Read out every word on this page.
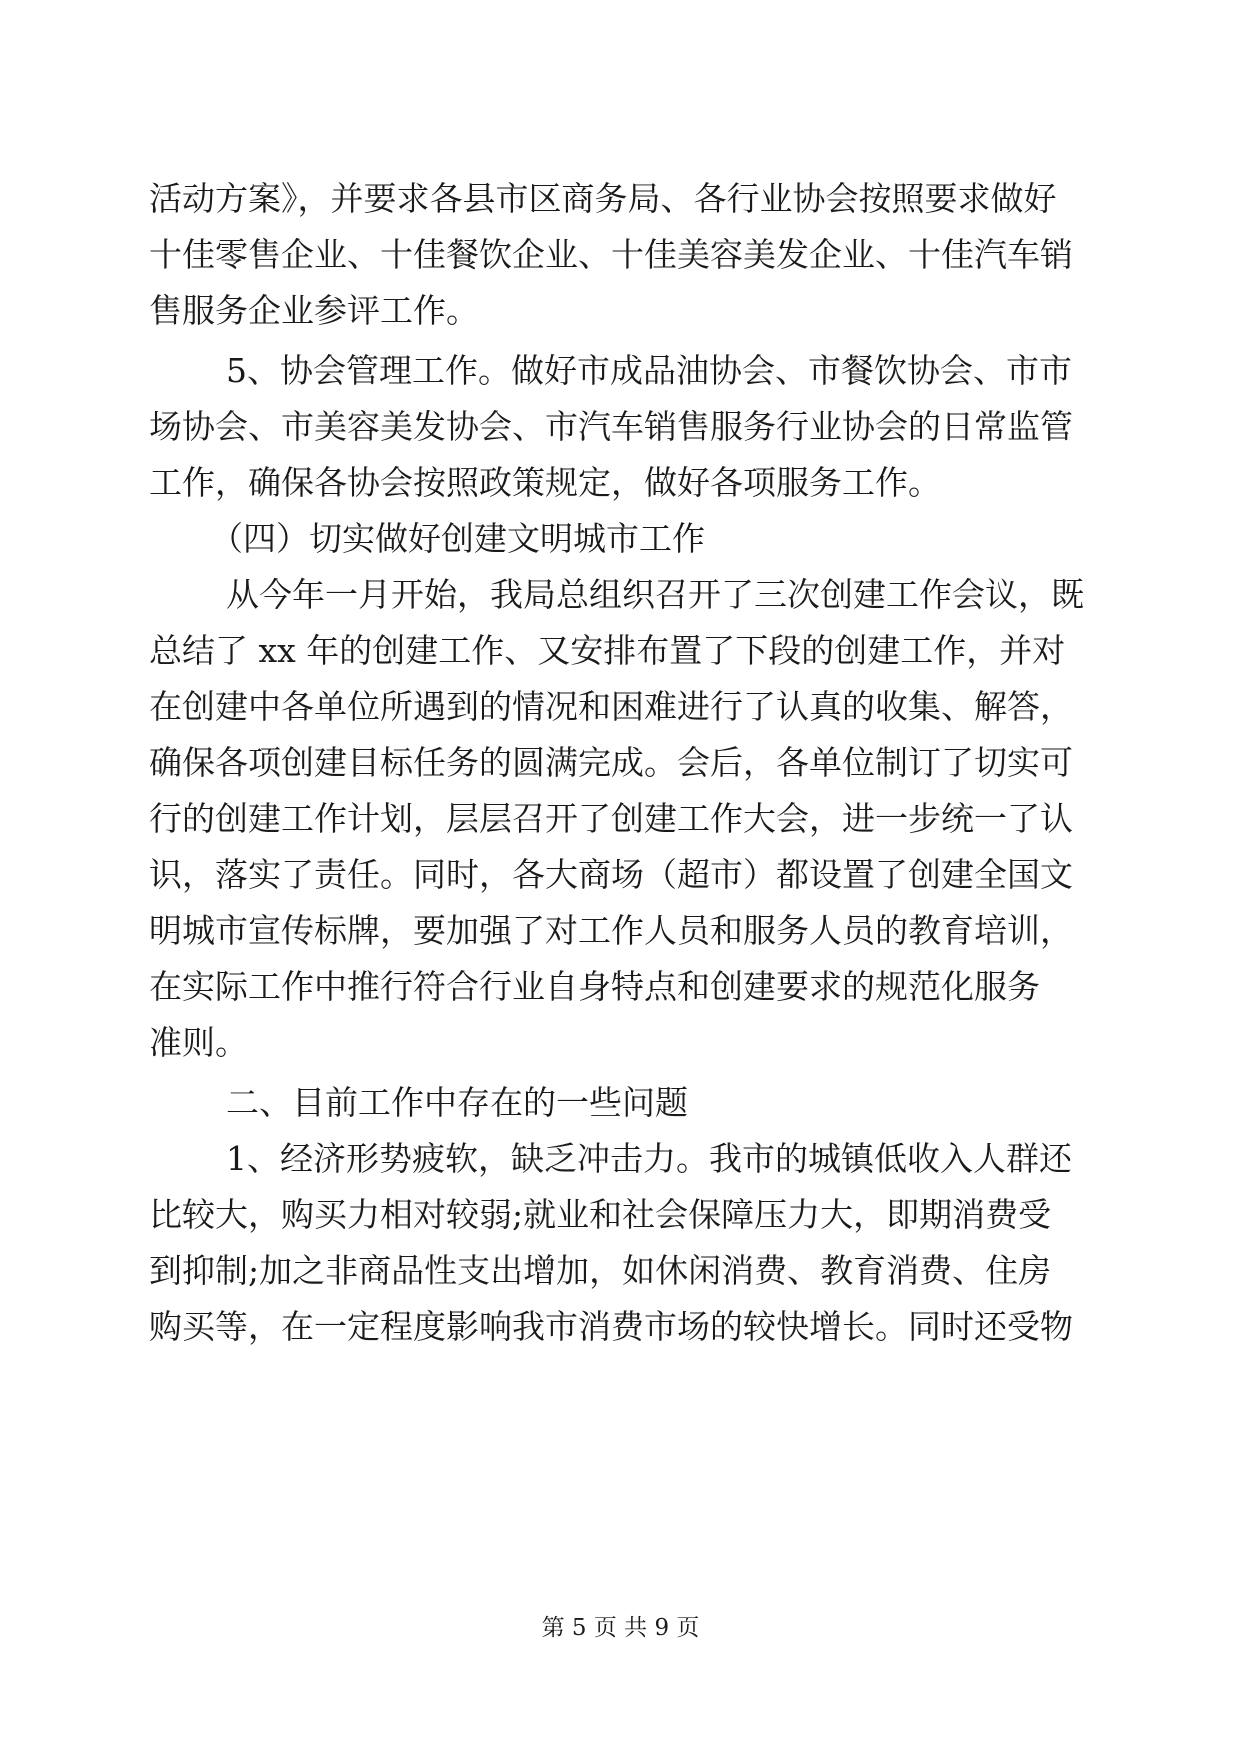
第 5 页 共 9 页
活动方案》，并要求各县市区商务局、各行业协会按照要求做好
十佳零售企业、十佳餐饮企业、十佳美容美发企业、十佳汽车销
售服务企业参评工作。
5、协会管理工作。做好市成品油协会、市餐饮协会、市市
场协会、市美容美发协会、市汽车销售服务行业协会的日常监管
工作，确保各协会按照政策规定，做好各项服务工作。
（四）切实做好创建文明城市工作
从今年一月开始，我局总组织召开了三次创建工作会议，既
总结了 xx 年的创建工作、又安排布置了下段的创建工作，并对
在创建中各单位所遇到的情况和困难进行了认真的收集、解答，
确保各项创建目标任务的圆满完成。会后，各单位制订了切实可
行的创建工作计划，层层召开了创建工作大会，进一步统一了认
识，落实了责任。同时，各大商场（超市）都设置了创建全国文
明城市宣传标牌，要加强了对工作人员和服务人员的教育培训，
在实际工作中推行符合行业自身特点和创建要求的规范化服务
准则。
二、目前工作中存在的一些问题
1、经济形势疲软，缺乏冲击力。我市的城镇低收入人群还
比较大，购买力相对较弱;就业和社会保障压力大，即期消费受
到抑制;加之非商品性支出增加，如休闲消费、教育消费、住房
购买等，在一定程度影响我市消费市场的较快增长。同时还受物
